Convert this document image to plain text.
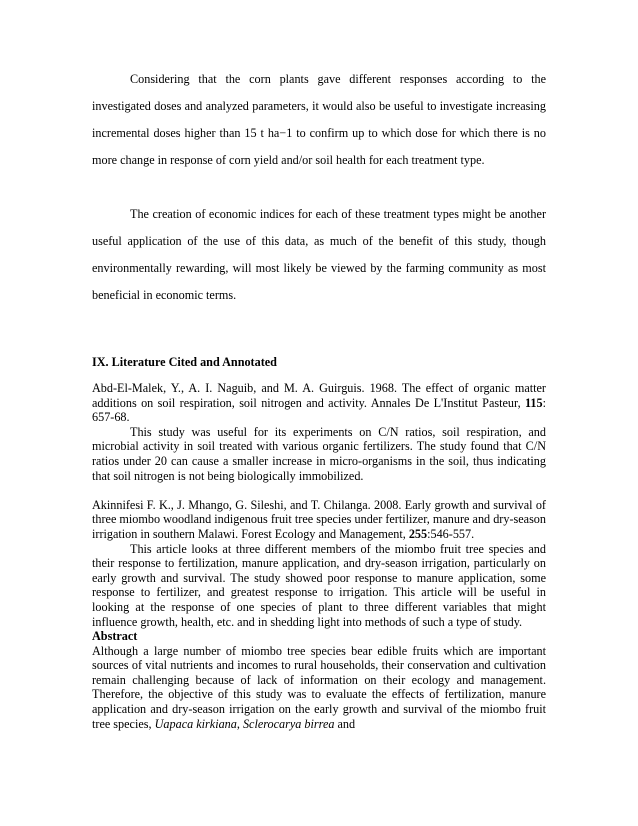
Considering that the corn plants gave different responses according to the investigated doses and analyzed parameters, it would also be useful to investigate increasing incremental doses higher than 15 t ha−1 to confirm up to which dose for which there is no more change in response of corn yield and/or soil health for each treatment type.

The creation of economic indices for each of these treatment types might be another useful application of the use of this data, as much of the benefit of this study, though environmentally rewarding, will most likely be viewed by the farming community as most beneficial in economic terms.

IX. Literature Cited and Annotated

Abd-El-Malek, Y., A. I. Naguib, and M. A. Guirguis. 1968. The effect of organic matter additions on soil respiration, soil nitrogen and activity. Annales De L'Institut Pasteur, 115: 657-68.

This study was useful for its experiments on C/N ratios, soil respiration, and microbial activity in soil treated with various organic fertilizers. The study found that C/N ratios under 20 can cause a smaller increase in micro-organisms in the soil, thus indicating that soil nitrogen is not being biologically immobilized.

Akinnifesi F. K., J. Mhango, G. Sileshi, and T. Chilanga. 2008. Early growth and survival of three miombo woodland indigenous fruit tree species under fertilizer, manure and dry-season irrigation in southern Malawi. Forest Ecology and Management, 255:546-557.

This article looks at three different members of the miombo fruit tree species and their response to fertilization, manure application, and dry-season irrigation, particularly on early growth and survival. The study showed poor response to manure application, some response to fertilizer, and greatest response to irrigation. This article will be useful in looking at the response of one species of plant to three different variables that might influence growth, health, etc. and in shedding light into methods of such a type of study.

Abstract

Although a large number of miombo tree species bear edible fruits which are important sources of vital nutrients and incomes to rural households, their conservation and cultivation remain challenging because of lack of information on their ecology and management. Therefore, the objective of this study was to evaluate the effects of fertilization, manure application and dry-season irrigation on the early growth and survival of the miombo fruit tree species, Uapaca kirkiana, Sclerocarya birrea and
